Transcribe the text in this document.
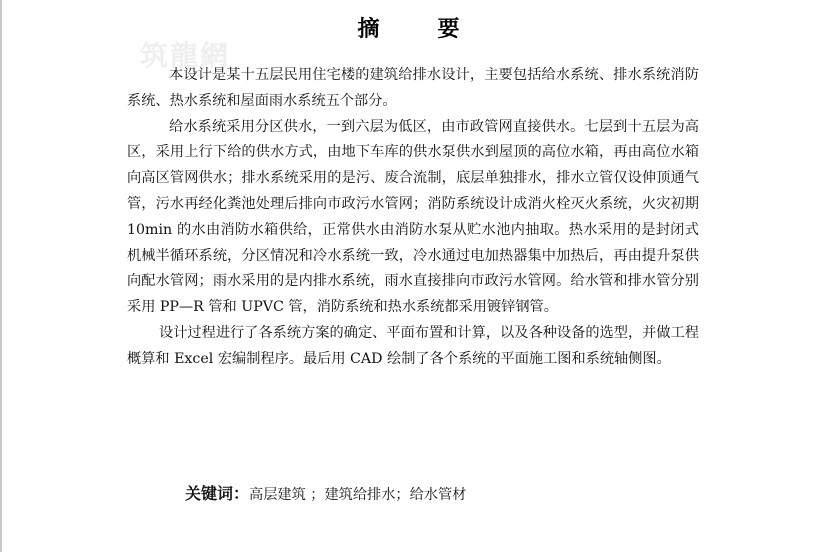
筑龍網
摘　要

本设计是某十五层民用住宅楼的建筑给排水设计，主要包括给水系统、排水系统消防系统、热水系统和屋面雨水系统五个部分。

给水系统采用分区供水，一到六层为低区，由市政管网直接供水。七层到十五层为高区，采用上行下给的供水方式，由地下车库的供水泵供水到屋顶的高位水箱，再由高位水箱向高区管网供水；排水系统采用的是污、废合流制，底层单独排水，排水立管仅设伸顶通气管，污水再经化粪池处理后排向市政污水管网；消防系统设计成消火栓灭火系统，火灾初期 10min 的水由消防水箱供给，正常供水由消防水泵从贮水池内抽取。热水采用的是封闭式机械半循环系统，分区情况和冷水系统一致，冷水通过电加热器集中加热后，再由提升泵供向配水管网；雨水采用的是内排水系统，雨水直接排向市政污水管网。给水管和排水管分别采用 PP—R 管和 UPVC 管，消防系统和热水系统都采用镀锌钢管。

设计过程进行了各系统方案的确定、平面布置和计算，以及各种设备的选型，并做工程概算和 Excel 宏编制程序。最后用 CAD 绘制了各个系统的平面施工图和系统轴侧图。

关键词：高层建筑 ；建筑给排水；给水管材
